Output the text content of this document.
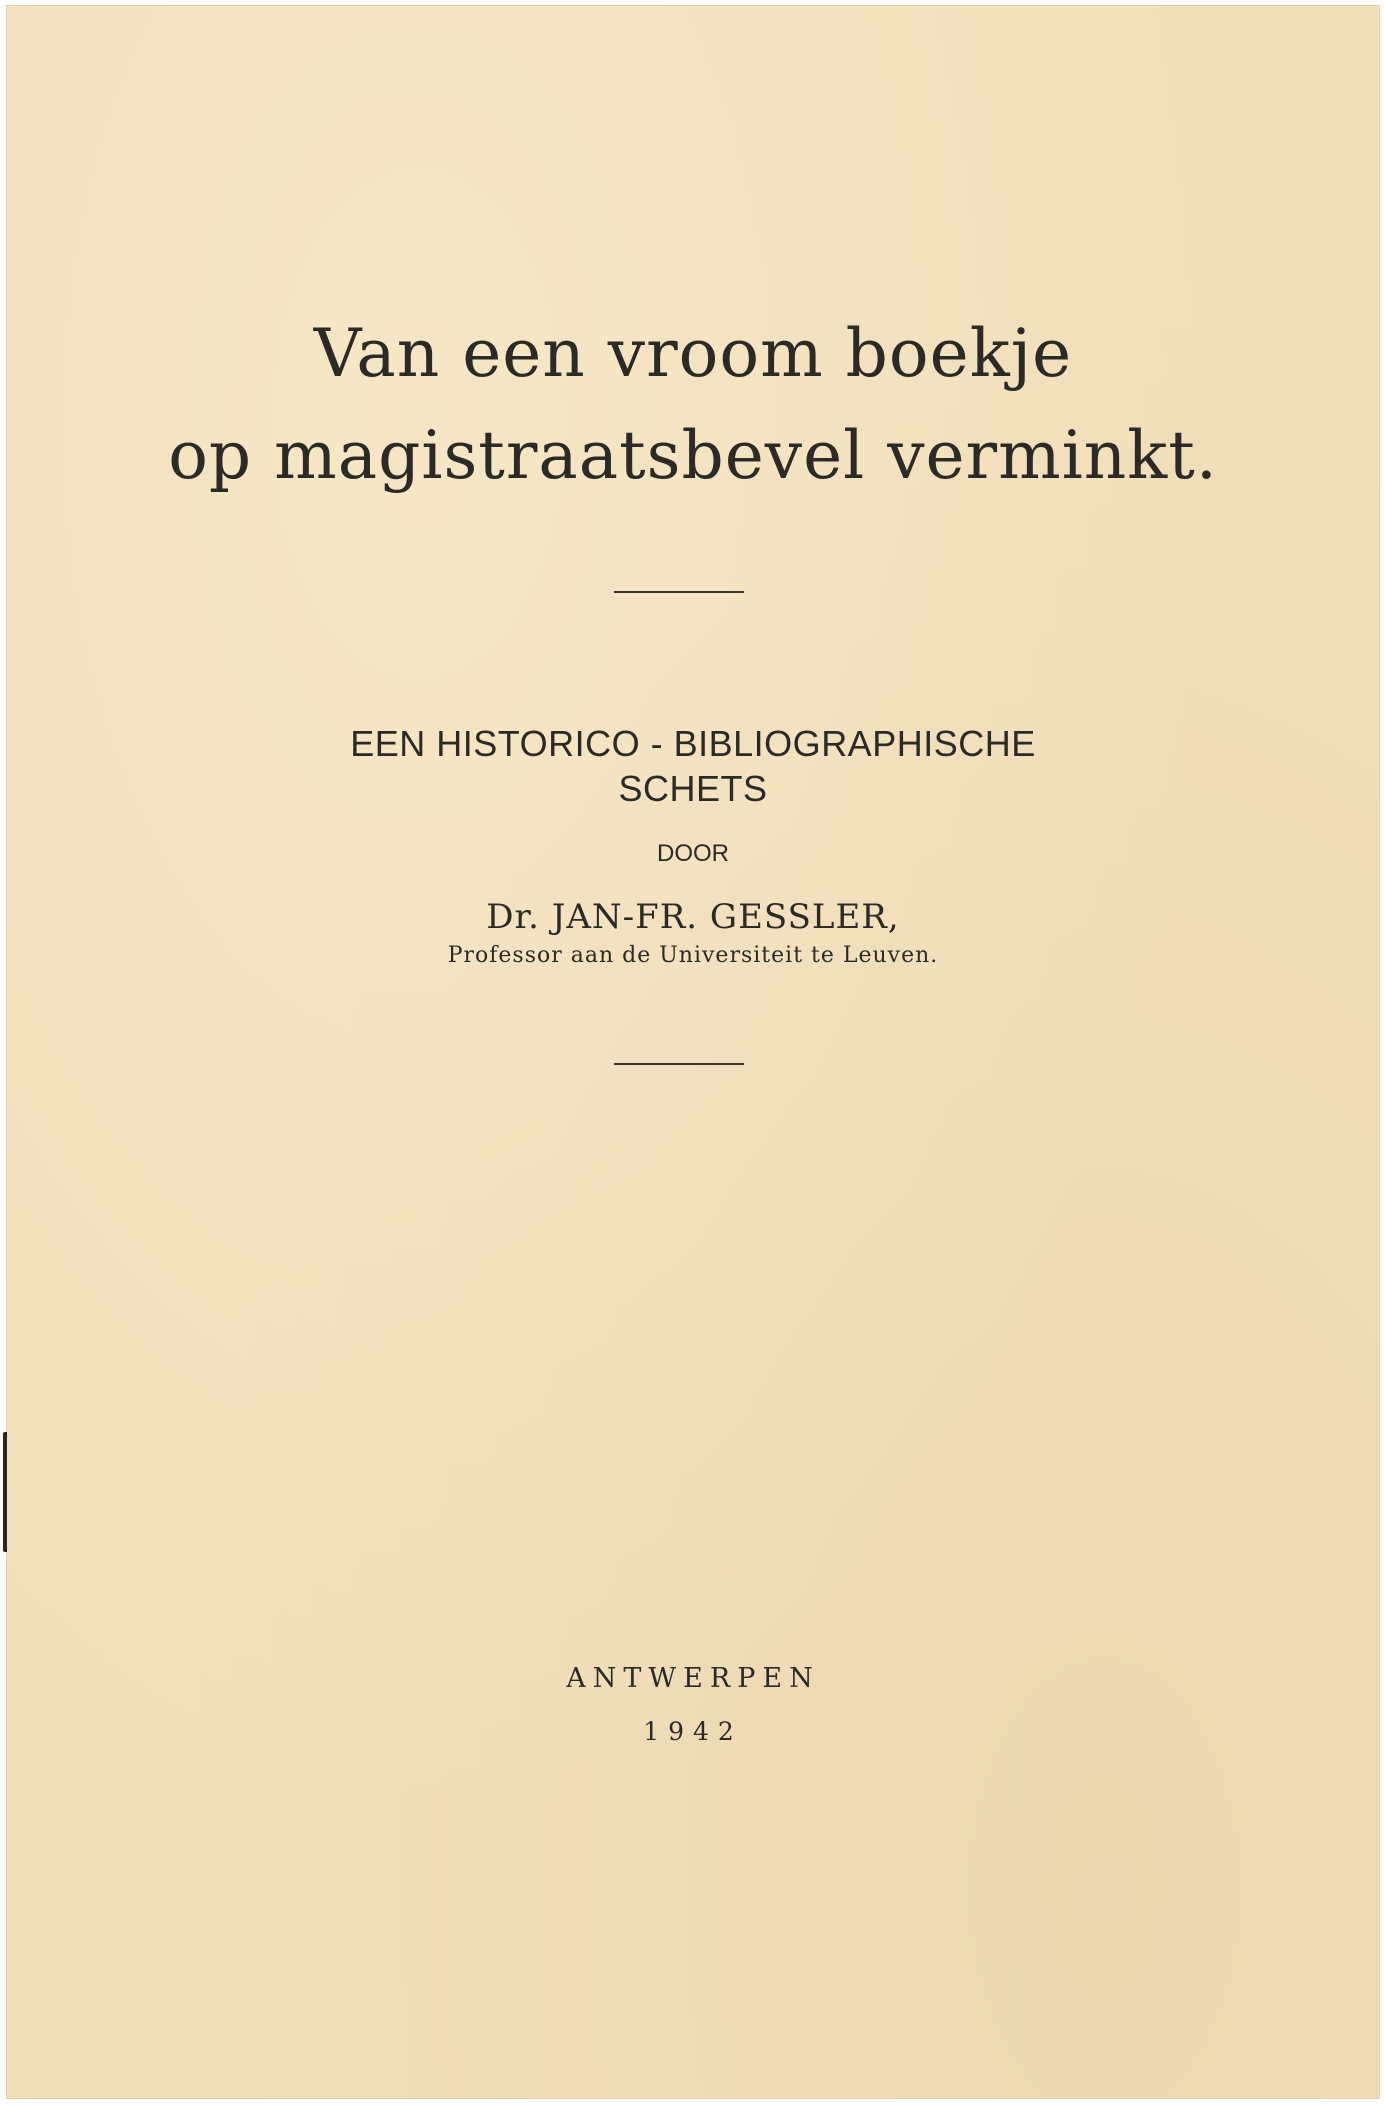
Van een vroom boekje
op magistraatsbevel verminkt.
EEN HISTORICO - BIBLIOGRAPHISCHE
SCHETS
DOOR
Dr. JAN-FR. GESSLER,
Professor aan de Universiteit te Leuven.
ANTWERPEN
1942
